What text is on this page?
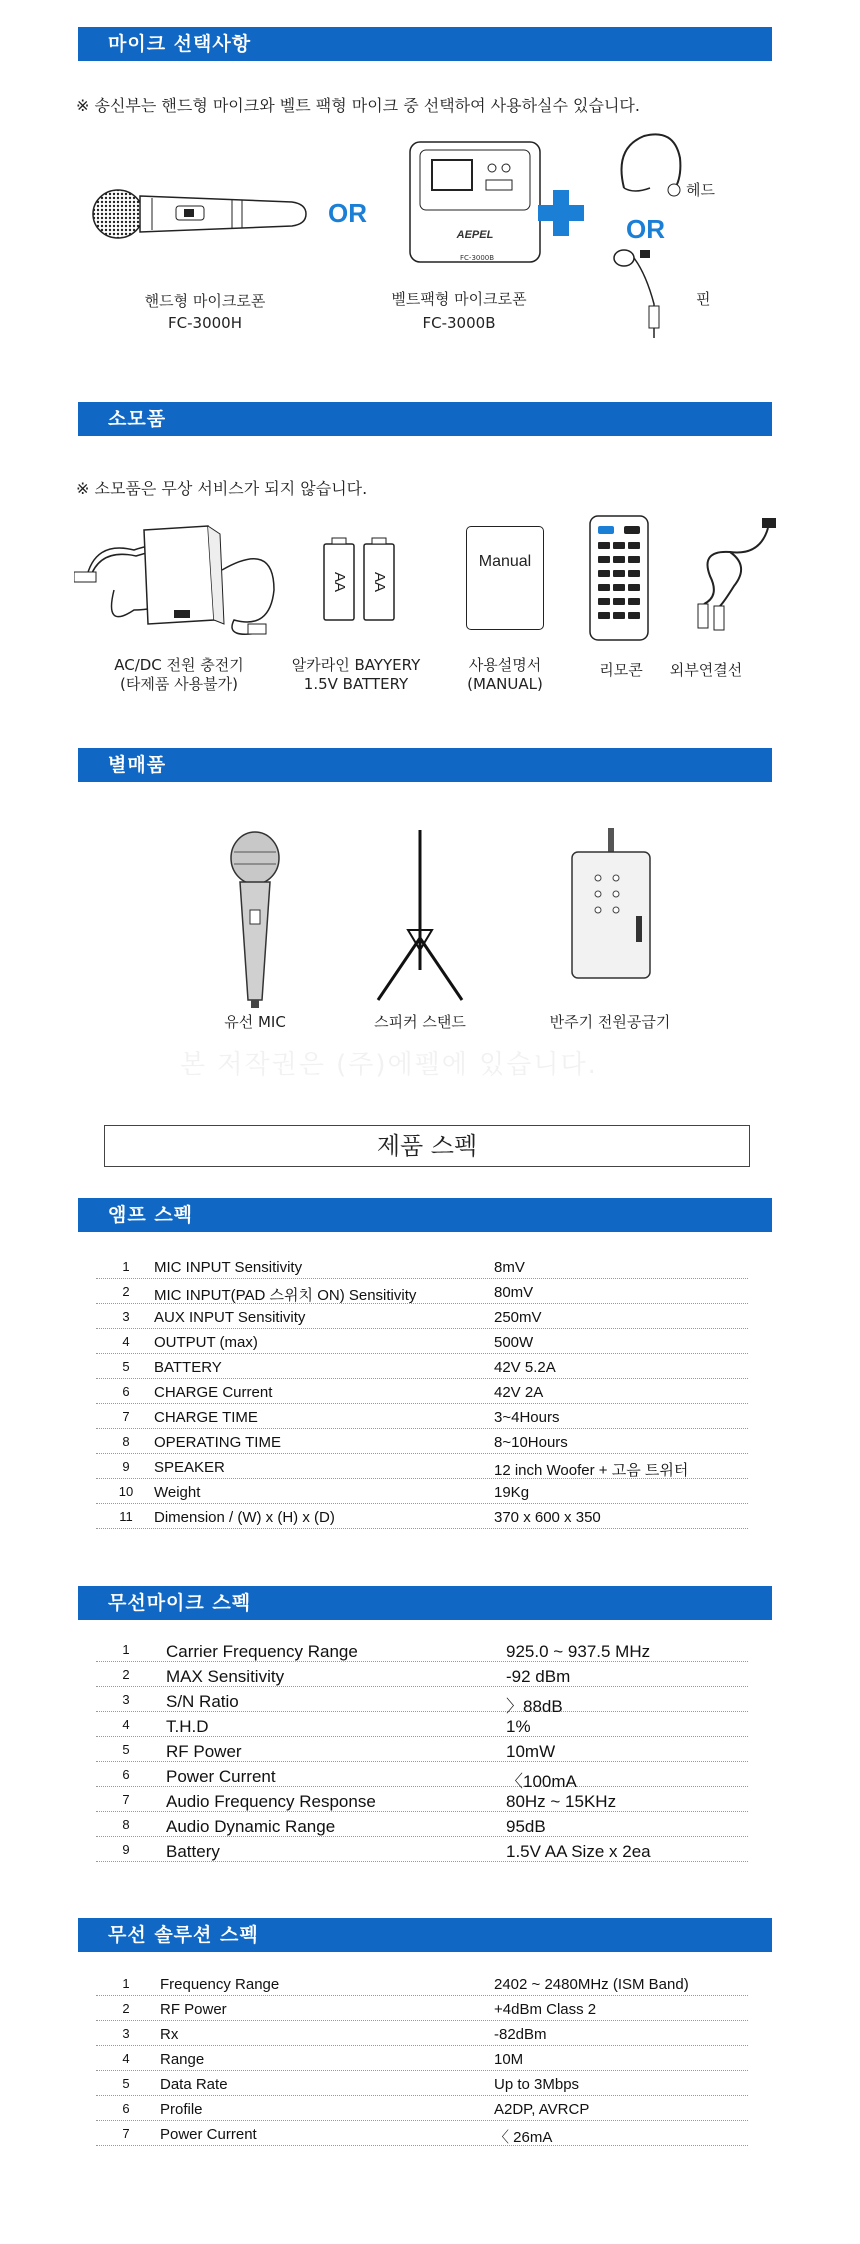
마이크 선택사항
※ 송신부는 핸드형 마이크와 벨트 팩형 마이크 중 선택하여 사용하실수 있습니다.
OR
AEPEL
FC-3000B
헤드
OR
핀
핸드형 마이크로폰
FC-3000H
벨트팩형 마이크로폰
FC-3000B
소모품
※ 소모품은 무상 서비스가 되지 않습니다.
AA AA
Manual
AC/DC 전원 충전기
(타제품 사용불가)
알카라인 BAYYERY
1.5V BATTERY
사용설명서
(MANUAL)
리모콘	외부연결선
별매품
유선 MIC	스피커 스탠드	반주기 전원공급기
본 저작권은 (주)에펠에 있습니다.
제품 스펙
앰프 스펙
1	MIC INPUT Sensitivity	8mV
2	MIC INPUT(PAD 스위치 ON) Sensitivity	80mV
3	AUX INPUT Sensitivity	250mV
4	OUTPUT (max)	500W
5	BATTERY	42V 5.2A
6	CHARGE Current	42V 2A
7	CHARGE TIME	3~4Hours
8	OPERATING TIME	8~10Hours
9	SPEAKER	12 inch Woofer + 고음 트위터
10	Weight	19Kg
11	Dimension / (W) x (H) x (D)	370 x 600 x 350
무선마이크 스펙
1	Carrier Frequency Range	925.0 ~ 937.5 MHz
2	MAX Sensitivity	-92 dBm
3	S/N Ratio	〉88dB
4	T.H.D	1%
5	RF Power	10mW
6	Power Current	〈100mA
7	Audio Frequency Response	80Hz ~ 15KHz
8	Audio Dynamic Range	95dB
9	Battery	1.5V AA Size x 2ea
무선 솔루션 스펙
1	Frequency Range	2402 ~ 2480MHz (ISM Band)
2	RF Power	+4dBm Class 2
3	Rx	-82dBm
4	Range	10M
5	Data Rate	Up to 3Mbps
6	Profile	A2DP, AVRCP
7	Power Current	〈 26mA
